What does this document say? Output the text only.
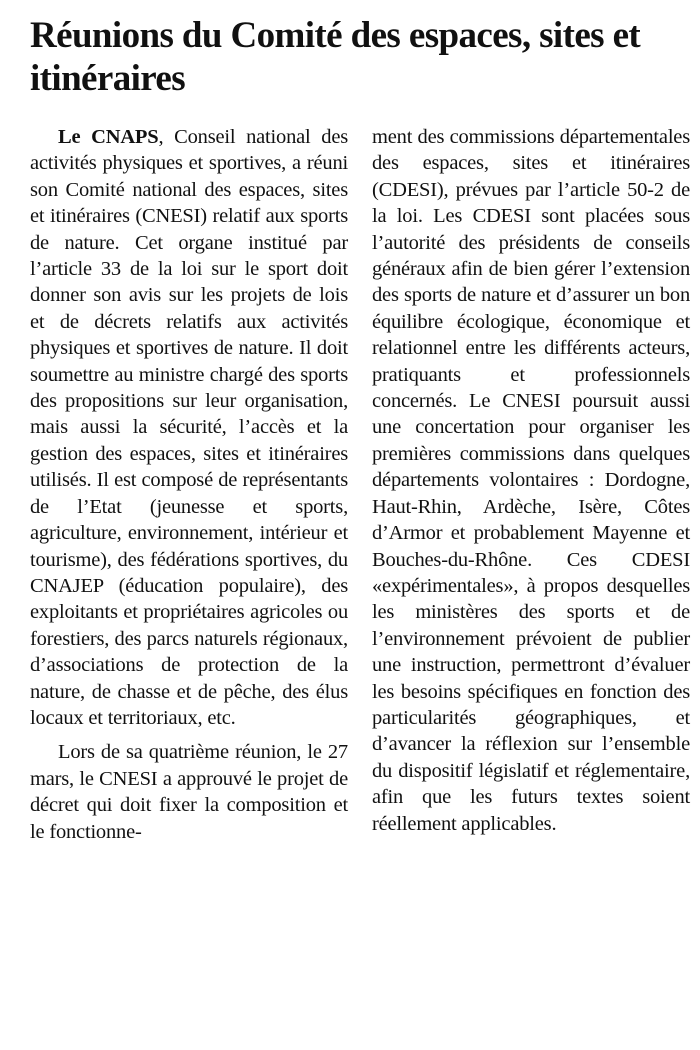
Réunions du Comité des espaces, sites et itinéraires

Le CNAPS, Conseil national des activités physiques et sportives, a réuni son Comité national des espaces, sites et itinéraires (CNESI) relatif aux sports de nature. Cet organe institué par l’article 33 de la loi sur le sport doit donner son avis sur les projets de lois et de décrets relatifs aux activités physiques et sportives de nature. Il doit soumettre au ministre chargé des sports des propositions sur leur organisation, mais aussi la sécurité, l’accès et la gestion des espaces, sites et itinéraires utilisés. Il est composé de représentants de l’Etat (jeunesse et sports, agriculture, environnement, intérieur et tourisme), des fédérations sportives, du CNAJEP (éducation populaire), des exploitants et propriétaires agricoles ou forestiers, des parcs naturels régionaux, d’associations de protection de la nature, de chasse et de pêche, des élus locaux et territoriaux, etc.

Lors de sa quatrième réunion, le 27 mars, le CNESI a approuvé le projet de décret qui doit fixer la composition et le fonctionne-

ment des commissions départementales des espaces, sites et itinéraires (CDESI), prévues par l’article 50-2 de la loi. Les CDESI sont placées sous l’autorité des présidents de conseils généraux afin de bien gérer l’extension des sports de nature et d’assurer un bon équilibre écologique, économique et relationnel entre les différents acteurs, pratiquants et professionnels concernés. Le CNESI poursuit aussi une concertation pour organiser les premières commissions dans quelques départements volontaires : Dordogne, Haut-Rhin, Ardèche, Isère, Côtes d’Armor et probablement Mayenne et Bouches-du-Rhône. Ces CDESI «expérimentales», à propos desquelles les ministères des sports et de l’environnement prévoient de publier une instruction, permettront d’évaluer les besoins spécifiques en fonction des particularités géographiques, et d’avancer la réflexion sur l’ensemble du dispositif législatif et réglementaire, afin que les futurs textes soient réellement applicables.
